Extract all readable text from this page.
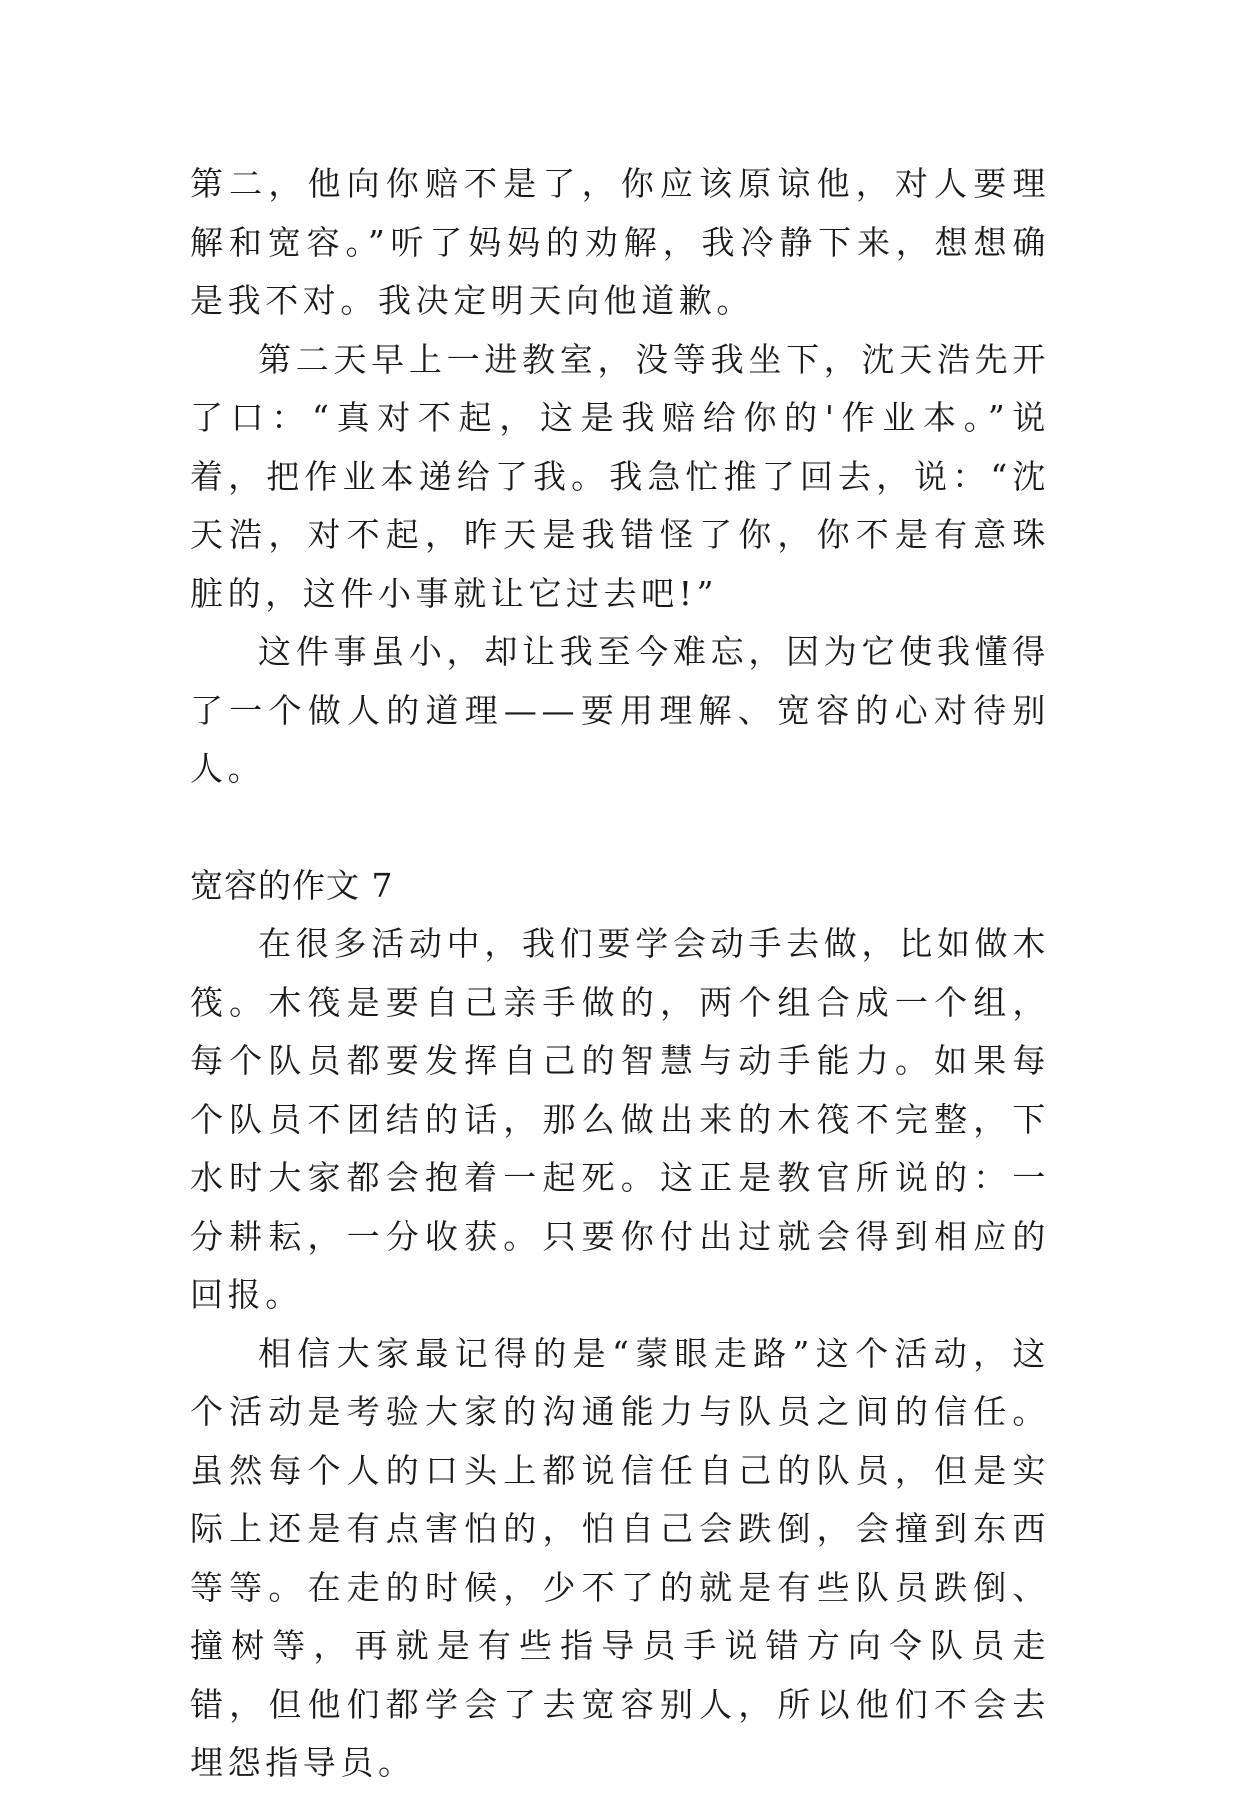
第二，他向你赔不是了，你应该原谅他，对人要理解和宽容。”听了妈妈的劝解，我冷静下来，想想确是我不对。我决定明天向他道歉。

第二天早上一进教室，没等我坐下，沈天浩先开了口：“真对不起，这是我赔给你的'作业本。”说着，把作业本递给了我。我急忙推了回去，说：“沈天浩，对不起，昨天是我错怪了你，你不是有意珠脏的，这件小事就让它过去吧!”

这件事虽小，却让我至今难忘，因为它使我懂得了一个做人的道理——要用理解、宽容的心对待别人。

宽容的作文 7

在很多活动中，我们要学会动手去做，比如做木筏。木筏是要自己亲手做的，两个组合成一个组，每个队员都要发挥自己的智慧与动手能力。如果每个队员不团结的话，那么做出来的木筏不完整，下水时大家都会抱着一起死。这正是教官所说的：一分耕耘，一分收获。只要你付出过就会得到相应的回报。

相信大家最记得的是“蒙眼走路”这个活动，这个活动是考验大家的沟通能力与队员之间的信任。虽然每个人的口头上都说信任自己的队员，但是实际上还是有点害怕的，怕自己会跌倒，会撞到东西等等。在走的时候，少不了的就是有些队员跌倒、撞树等，再就是有些指导员手说错方向令队员走错，但他们都学会了去宽容别人，所以他们不会去埋怨指导员。
